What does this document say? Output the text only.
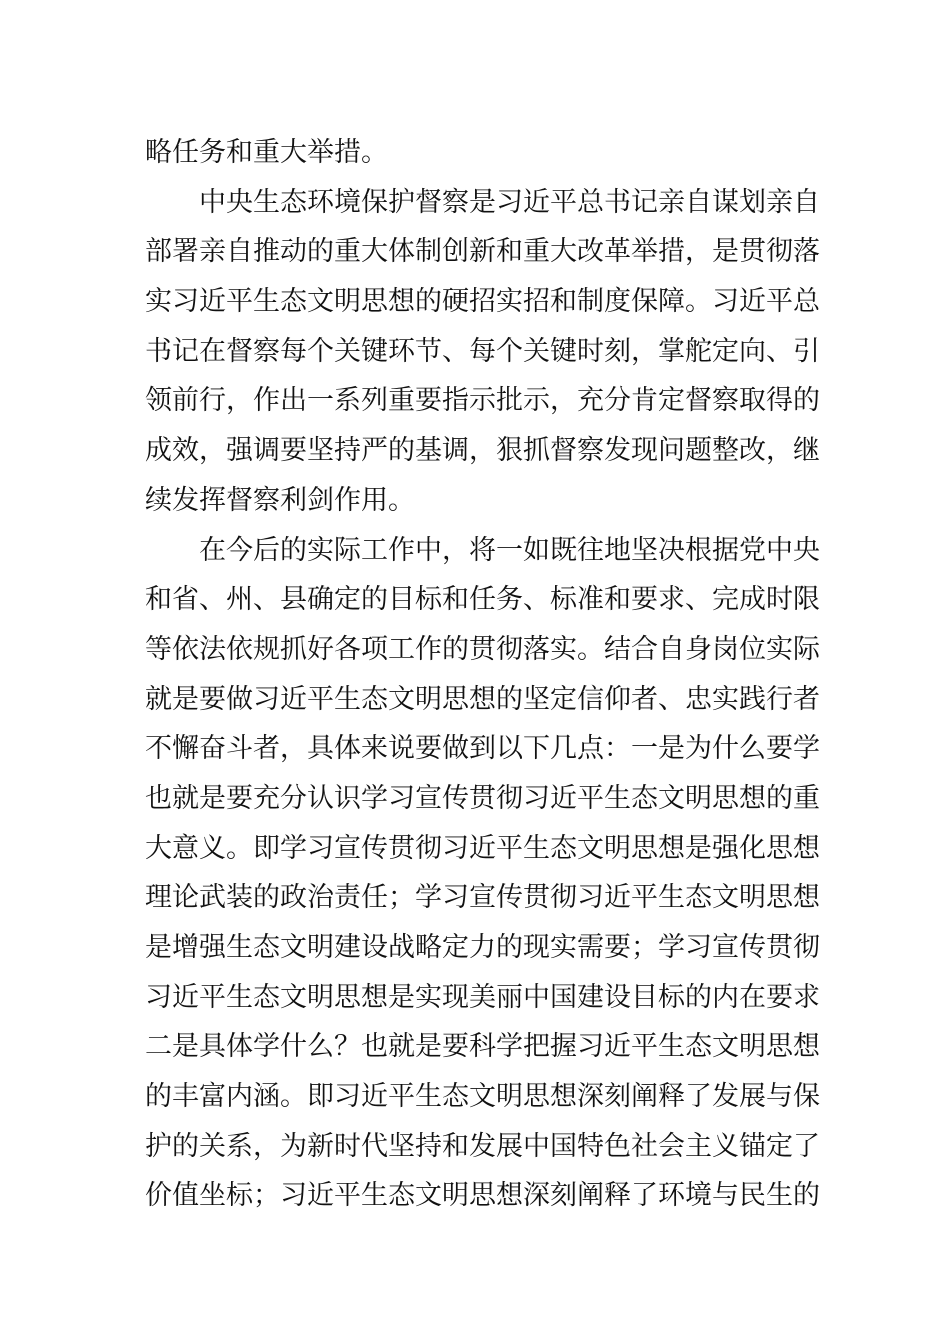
略任务和重大举措。
中央生态环境保护督察是习近平总书记亲自谋划亲自
部署亲自推动的重大体制创新和重大改革举措，是贯彻落
实习近平生态文明思想的硬招实招和制度保障。习近平总
书记在督察每个关键环节、每个关键时刻，掌舵定向、引
领前行，作出一系列重要指示批示，充分肯定督察取得的
成效，强调要坚持严的基调，狠抓督察发现问题整改，继
续发挥督察利剑作用。
在今后的实际工作中，将一如既往地坚决根据党中央
和省、州、县确定的目标和任务、标准和要求、完成时限
等依法依规抓好各项工作的贯彻落实。结合自身岗位实际
就是要做习近平生态文明思想的坚定信仰者、忠实践行者
不懈奋斗者，具体来说要做到以下几点：一是为什么要学
也就是要充分认识学习宣传贯彻习近平生态文明思想的重
大意义。即学习宣传贯彻习近平生态文明思想是强化思想
理论武装的政治责任；学习宣传贯彻习近平生态文明思想
是增强生态文明建设战略定力的现实需要；学习宣传贯彻
习近平生态文明思想是实现美丽中国建设目标的内在要求
二是具体学什么？也就是要科学把握习近平生态文明思想
的丰富内涵。即习近平生态文明思想深刻阐释了发展与保
护的关系，为新时代坚持和发展中国特色社会主义锚定了
价值坐标；习近平生态文明思想深刻阐释了环境与民生的
